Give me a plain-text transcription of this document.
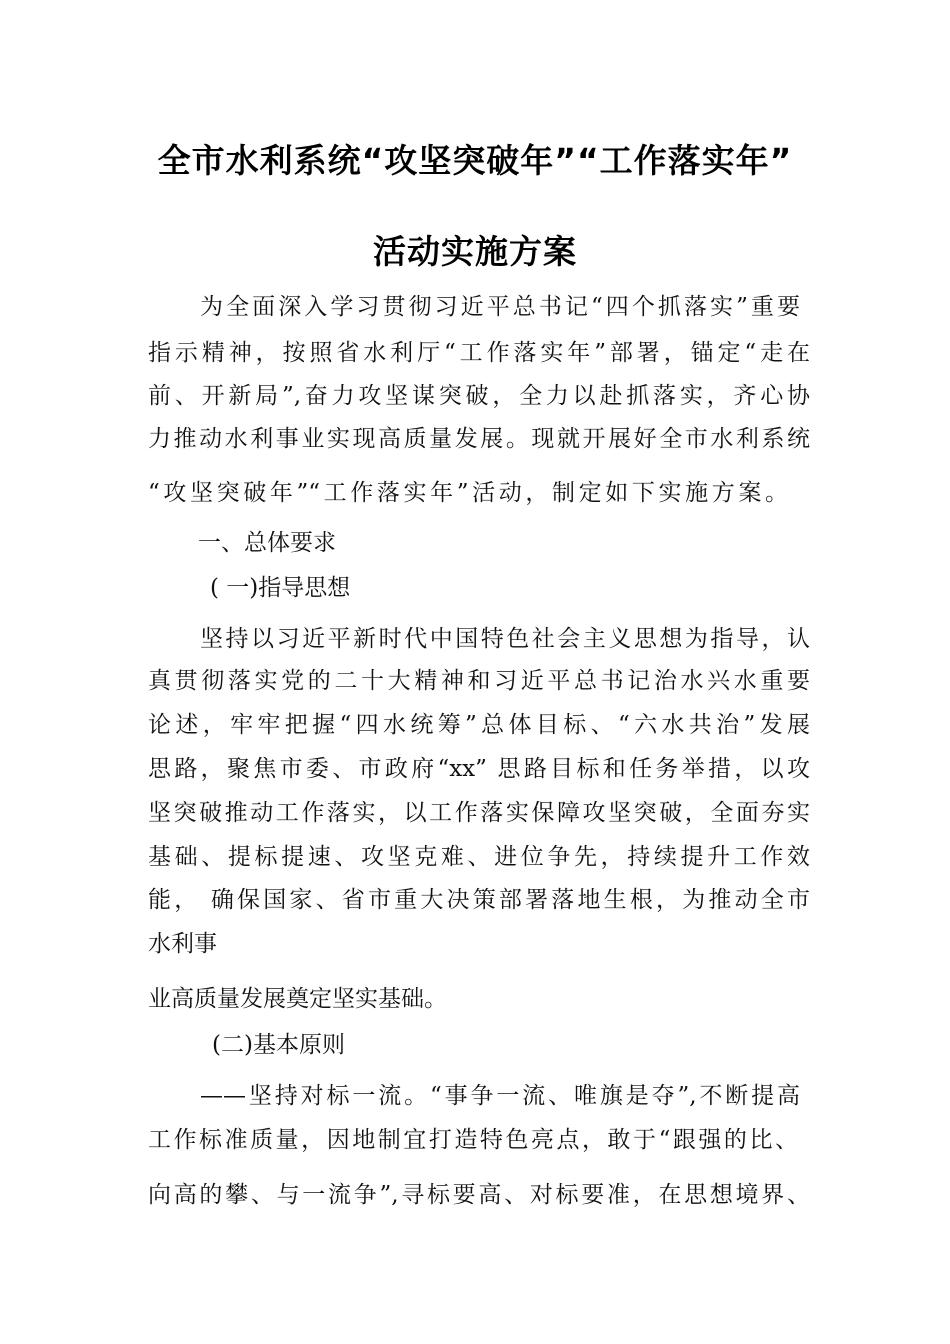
全市水利系统“攻坚突破年”“工作落实年”
活动实施方案
为全面深入学习贯彻习近平总书记“四个抓落实”重要
指示精神，按照省水利厅“工作落实年”部署，锚定“走在
前、开新局”,奋力攻坚谋突破，全力以赴抓落实，齐心协
力推动水利事业实现高质量发展。现就开展好全市水利系统
“攻坚突破年”“工作落实年”活动，制定如下实施方案。
一、总体要求
( 一)指导思想
坚持以习近平新时代中国特色社会主义思想为指导，认
真贯彻落实党的二十大精神和习近平总书记治水兴水重要
论述，牢牢把握“四水统筹”总体目标、“六水共治”发展
思路，聚焦市委、市政府“xx” 思路目标和任务举措，以攻
坚突破推动工作落实，以工作落实保障攻坚突破，全面夯实
基础、提标提速、攻坚克难、进位争先，持续提升工作效
能， 确保国家、省市重大决策部署落地生根，为推动全市
水利事
业高质量发展奠定坚实基础。
(二)基本原则
——坚持对标一流。“事争一流、唯旗是夺”,不断提高
工作标准质量，因地制宜打造特色亮点，敢于“跟强的比、
向高的攀、与一流争”,寻标要高、对标要准，在思想境界、
